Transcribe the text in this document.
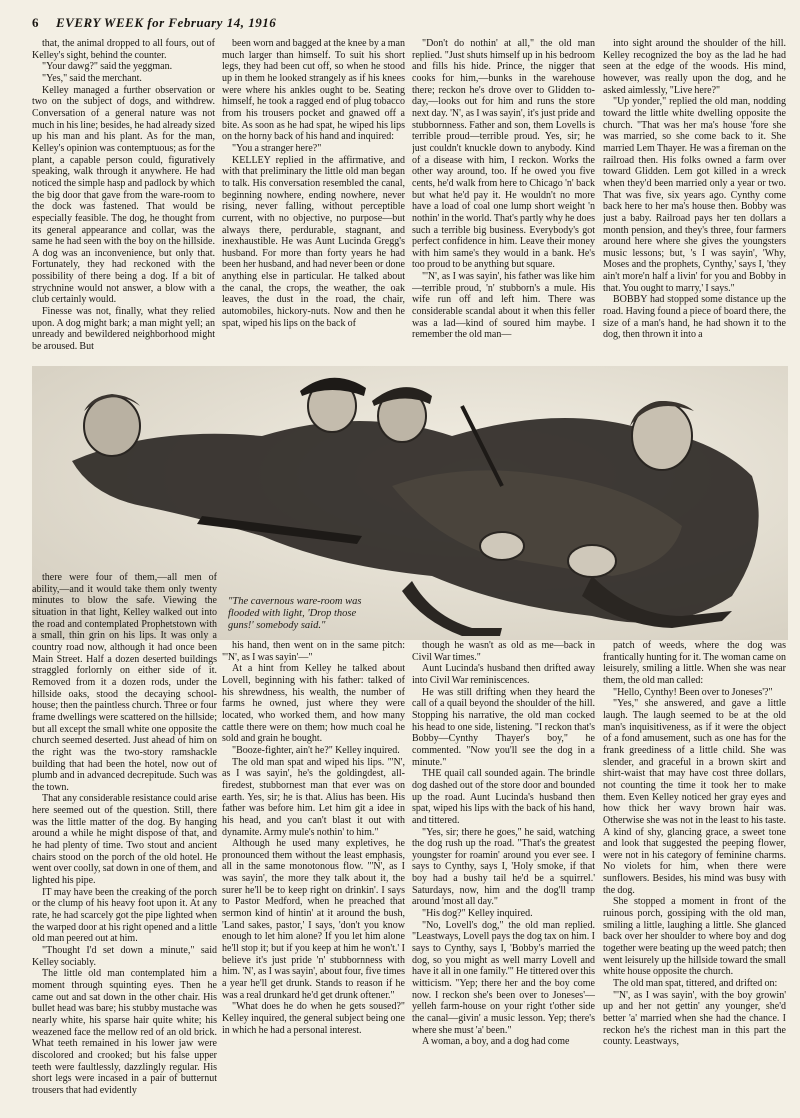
6 EVERY WEEK for February 14, 1916

that, the animal dropped to all fours, out of Kelley's sight, behind the counter.

"Your dawg?" said the yeggman.

"Yes," said the merchant.

Kelley managed a further observation or two on the subject of dogs, and withdrew. Conversation of a general nature was not much in his line; besides, he had already sized up his man and his plant. As for the man, Kelley's opinion was contemptuous; as for the plant, a capable person could, figuratively speaking, walk through it anywhere. He had noticed the simple hasp and padlock by which the big door that gave from the ware-room to the dock was fastened. That would be especially feasible. The dog, he thought from its general appearance and collar, was the same he had seen with the boy on the hillside. A dog was an inconvenience, but only that. Fortunately, they had reckoned with the possibility of there being a dog. If a bit of strychnine would not answer, a blow with a club certainly would.

Finesse was not, finally, what they relied upon. A dog might bark; a man might yell; an unready and bewildered neighborhood might be aroused. But

been worn and bagged at the knee by a man much larger than himself. To suit his short legs, they had been cut off, so when he stood up in them he looked strangely as if his knees were where his ankles ought to be. Seating himself, he took a ragged end of plug tobacco from his trousers pocket and gnawed off a bite. As soon as he had spat, he wiped his lips on the horny back of his hand and inquired:

"You a stranger here?"

KELLEY replied in the affirmative, and with that preliminary the little old man began to talk. His conversation resembled the canal, beginning nowhere, ending nowhere, never rising, never falling, without perceptible current, with no objective, no purpose—but always there, perdurable, stagnant, and inexhaustible. He was Aunt Lucinda Gregg's husband. For more than forty years he had been her husband, and had never been or done anything else in particular. He talked about the canal, the crops, the weather, the oak leaves, the dust in the road, the chair, automobiles, hickory-nuts. Now and then he spat, wiped his lips on the back of

"Don't do nothin' at all," the old man replied. "Just shuts himself up in his bedroom and fills his hide. Prince, the nigger that cooks for him,—bunks in the warehouse there; reckon he's drove over to Glidden to-day,—looks out for him and runs the store next day. 'N', as I was sayin', it's just pride and stubbornness. Father and son, them Lovells is terrible proud—terrible proud. Yes, sir; he just couldn't knuckle down to anybody. Kind of a disease with him, I reckon. Works the other way around, too. If he owed you five cents, he'd walk from here to Chicago 'n' back but what he'd pay it. He wouldn't no more have a load of coal one lump short weight 'n nothin' in the world. That's partly why he does such a terrible big business. Everybody's got perfect confidence in him. Leave their money with him same's they would in a bank. He's too proud to be anything but square.

"'N', as I was sayin', his father was like him—terrible proud, 'n' stubborn's a mule. His wife run off and left him. There was considerable scandal about it when this feller was a lad—kind of soured him maybe. I remember the old man—

into sight around the shoulder of the hill. Kelley recognized the boy as the lad he had seen at the edge of the woods. His mind, however, was really upon the dog, and he asked aimlessly, "Live here?"

"Up yonder," replied the old man, nodding toward the little white dwelling opposite the church. "That was her ma's house 'fore she was married, so she come back to it. She married Lem Thayer. He was a fireman on the railroad then. His folks owned a farm over toward Glidden. Lem got killed in a wreck when they'd been married only a year or two. That was five, six years ago. Cynthy come back here to her ma's house then. Bobby was just a baby. Railroad pays her ten dollars a month pension, and they's three, four farmers around here where she gives the youngsters music lessons; but, 's I was sayin', 'Why, Moses and the prophets, Cynthy,' says I, 'they ain't more'n half a livin' for you and Bobby in that. You ought to marry,' I says."

BOBBY had stopped some distance up the road. Having found a piece of board there, the size of a man's hand, he had shown it to the dog, then thrown it into a

"The cavernous ware-room was flooded with light, 'Drop those guns!' somebody said."

there were four of them,—all men of ability,—and it would take them only twenty minutes to blow the safe. Viewing the situation in that light, Kelley walked out into the road and contemplated Prophetstown with a small, thin grin on his lips. It was only a country road now, although it had once been Main Street. Half a dozen deserted buildings straggled forlornly on either side of it. Removed from it a dozen rods, under the hillside oaks, stood the decaying school-house; then the paintless church. Three or four frame dwellings were scattered on the hillside; but all except the small white one opposite the church seemed deserted. Just ahead of him on the right was the two-story ramshackle building that had been the hotel, now out of plumb and in advanced decrepitude. Such was the town.

That any considerable resistance could arise here seemed out of the question. Still, there was the little matter of the dog. By hanging around a while he might dispose of that, and he had plenty of time. Two stout and ancient chairs stood on the porch of the old hotel. He went over coolly, sat down in one of them, and lighted his pipe.

IT may have been the creaking of the porch or the clump of his heavy foot upon it. At any rate, he had scarcely got the pipe lighted when the warped door at his right opened and a little old man peered out at him.

"Thought I'd set down a minute," said Kelley sociably.

The little old man contemplated him a moment through squinting eyes. Then he came out and sat down in the other chair. His bullet head was bare; his stubby mustache was nearly white, his sparse hair quite white; his weazened face the mellow red of an old brick. What teeth remained in his lower jaw were discolored and crooked; but his false upper teeth were faultlessly, dazzlingly regular. His short legs were incased in a pair of butternut trousers that had evidently

his hand, then went on in the same pitch: "'N', as I was sayin'—"

At a hint from Kelley he talked about Lovell, beginning with his father: talked of his shrewdness, his wealth, the number of farms he owned, just where they were located, who worked them, and how many cattle there were on them; how much coal he sold and grain he bought.

"Booze-fighter, ain't he?" Kelley inquired.

The old man spat and wiped his lips. "'N', as I was sayin', he's the goldingdest, all-firedest, stubbornest man that ever was on earth. Yes, sir; he is that. Alius has been. His father was before him. Let him git a idee in his head, and you can't blast it out with dynamite. Army mule's nothin' to him."

Although he used many expletives, he pronounced them without the least emphasis, all in the same monotonous flow. "'N', as I was sayin', the more they talk about it, the surer he'll be to keep right on drinkin'. I says to Pastor Medford, when he preached that sermon kind of hintin' at it around the bush, 'Land sakes, pastor,' I says, 'don't you know enough to let him alone? If you let him alone he'll stop it; but if you keep at him he won't.' I believe it's just pride 'n' stubbornness with him. 'N', as I was sayin', about four, five times a year he'll get drunk. Stands to reason if he was a real drunkard he'd get drunk oftener."

"What does he do when he gets soused?" Kelley inquired, the general subject being one in which he had a personal interest.

though he wasn't as old as me—back in Civil War times."

Aunt Lucinda's husband then drifted away into Civil War reminiscences.

He was still drifting when they heard the call of a quail beyond the shoulder of the hill. Stopping his narrative, the old man cocked his head to one side, listening. "I reckon that's Bobby—Cynthy Thayer's boy," he commented. "Now you'll see the dog in a minute."

THE quail call sounded again. The brindle dog dashed out of the store door and bounded up the road. Aunt Lucinda's husband then spat, wiped his lips with the back of his hand, and tittered.

"Yes, sir; there he goes," he said, watching the dog rush up the road. "That's the greatest youngster for roamin' around you ever see. I says to Cynthy, says I, 'Holy smoke, if that boy had a bushy tail he'd be a squirrel.' Saturdays, now, him and the dog'll tramp around 'most all day."

"His dog?" Kelley inquired.

"No, Lovell's dog," the old man replied. "Leastways, Lovell pays the dog tax on him. I says to Cynthy, says I, 'Bobby's married the dog, so you might as well marry Lovell and have it all in one family.'" He tittered over this witticism. "Yep; there her and the boy come now. I reckon she's been over to Joneses'—yelleh farm-house on your right t'other side the canal—givin' a music lesson. Yep; there's where she must 'a' been."

A woman, a boy, and a dog had come

patch of weeds, where the dog was frantically hunting for it. The woman came on leisurely, smiling a little. When she was near them, the old man called:

"Hello, Cynthy! Been over to Joneses'?"

"Yes," she answered, and gave a little laugh. The laugh seemed to be at the old man's inquisitiveness, as if it were the object of a fond amusement, such as one has for the frank greediness of a little child. She was slender, and graceful in a brown skirt and shirt-waist that may have cost three dollars, not counting the time it took her to make them. Even Kelley noticed her gray eyes and how thick her wavy brown hair was. Otherwise she was not in the least to his taste. A kind of shy, glancing grace, a sweet tone and look that suggested the peeping flower, were not in his category of feminine charms. No violets for him, when there were sunflowers. Besides, his mind was busy with the dog.

She stopped a moment in front of the ruinous porch, gossiping with the old man, smiling a little, laughing a little. She glanced back over her shoulder to where boy and dog together were beating up the weed patch; then went leisurely up the hillside toward the small white house opposite the church.

The old man spat, tittered, and drifted on:

"'N', as I was sayin', with the boy growin' up and her not gettin' any younger, she'd better 'a' married when she had the chance. I reckon he's the richest man in this part the county. Leastways,
